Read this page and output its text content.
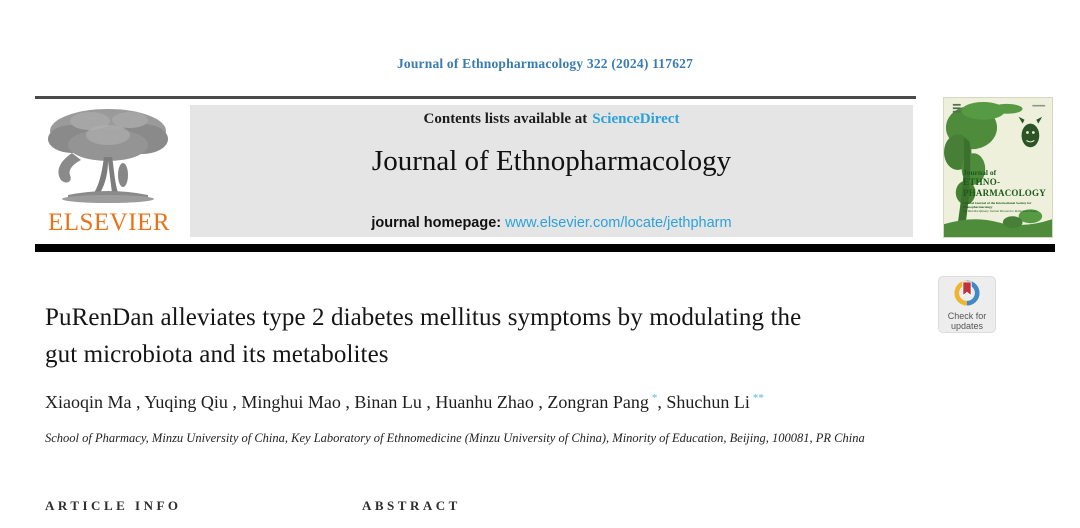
Journal of Ethnopharmacology 322 (2024) 117627
ELSEVIER
Contents lists available at ScienceDirect
Journal of Ethnopharmacology
journal homepage: www.elsevier.com/locate/jethpharm
Journal of
ETHNO-
PHARMACOLOGY
Official Journal of the International Society for Ethnopharmacology
An Interdisciplinary Journal Devoted to Indigenous Drugs
Check for
updates
PuRenDan alleviates type 2 diabetes mellitus symptoms by modulating the
gut microbiota and its metabolites
Xiaoqin Ma , Yuqing Qiu , Minghui Mao , Binan Lu , Huanhu Zhao , Zongran Pang *, Shuchun Li **
School of Pharmacy, Minzu University of China, Key Laboratory of Ethnomedicine (Minzu University of China), Minority of Education, Beijing, 100081, PR China
ARTICLE INFO	ABSTRACT
